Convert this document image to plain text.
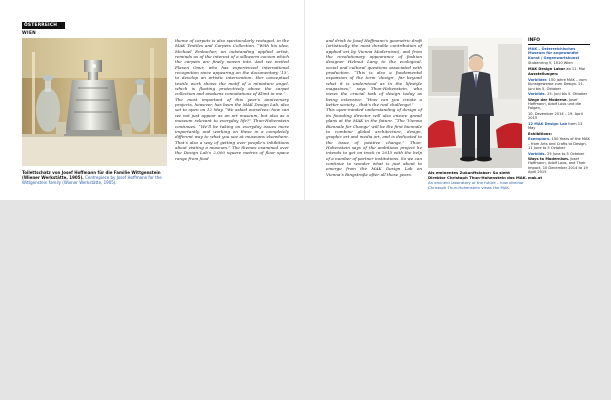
ÖSTERREICH
WIEN
Toilettschatz von Josef Hoffmann für die Familie Wittgenstein (Wiener Werkstätte, 1905). Centrepiece by Josef Hoffmann for the Wittgenstein family (Wiener Werkstätte, 1905).
theme of carpets is also spectacularly restaged, in the MAK Textiles and Carpets Collection. “With his idea, Michael Embacher, an outstanding applied artist, reminds us of the interest of a silkworm cocoon which the carpets are finely woven into. And we invited Flaxen Onur, who has experienced international recognition since appearing on the documentary ‘13’, to develop an artistic intervention. Her conceptual textile work shows the motif of a miniature angel, which is floating protectively above the carpet collection and awakens connotations of Klimt in me.”
The most important of this year’s anniversary projects, however, has been the MAK Design Lab, also set to open on 12 May. “We asked ourselves: how can we not just appear as an art museum, but also as a museum relevant to everyday life?” Thun-Hohenstein continues. “We’ll be taking on everyday issues more importantly, and working on these in a completely different way to what you see at museums elsewhere. That’s also a way of getting over people’s inhibitions about visiting a museum.” The themes examined over the Design Lab’s 2,000 square metres of floor space range from food
and drink to Josef Hoffmann’s geometric draft (artistically the most durable contribution of applied art by Vienna Modernism), and from the revolutionary appearance of fashion designer Helmut Lang to the ecological, social and cultural questions associated with production. “This is also a fundamental expansion of the term ‘design’, far beyond what it is understood as in the lifestyle magazines,” says Thun-Hohenstein, who views the crucial task of design today as being extensive: “How can you create a better society – that’s the real challenge!”
This open-minded understanding of design of its founding director will also ensure grand plans at the MAK in the future. “The ‘Vienna Biennale for Change’ will be the first biennale to combine global architecture, design, graphic art and media art, and is dedicated to the issue of positive change,” Thun-Hohenstein says of the ambitious project he intends to get on track in 2015 with the help of a number of partner institutions. So we can continue to wonder what is just about to emerge from the MAK Design Lab on Vienna’s Ringstraße after all these years.	Als eminentes Zukunftslabor: So sieht Direktor Christoph Thun-Hohenstein das MAK. An eminent laboratory of the future – how director Christoph Thun-Hohenstein views the MAK.
INFO

MAK – Österreichisches Museum für angewandte Kunst / Gegenwartskunst

Stubenring 5, 1010 Wien

MAK Design Labor ab 11. Mai

Ausstellungen:

Vorbilder. 150 Jahre MAK – vom Kunstgewerbe zum Design. 21. Juni bis 5. Oktober

Vorbilds. 25. Juni bis 5. Oktober

Wege der Moderne. Josef Hoffmann, Adolf Loos und die Folgen,

10. Dezember 2014 – 19. April 2015

12 MAK Design Lab from 13 May

Exhibitions:

Exemplars. 150 Years of the MAK – from Arts and Crafts to Design, 11 June to 5 October

Vorbilds. 25 June to 5 October

Ways to Modernism. Josef Hoffmann, Adolf Loos, and Their Impact, 10 December 2014 to 19 April 2015

mak.at
